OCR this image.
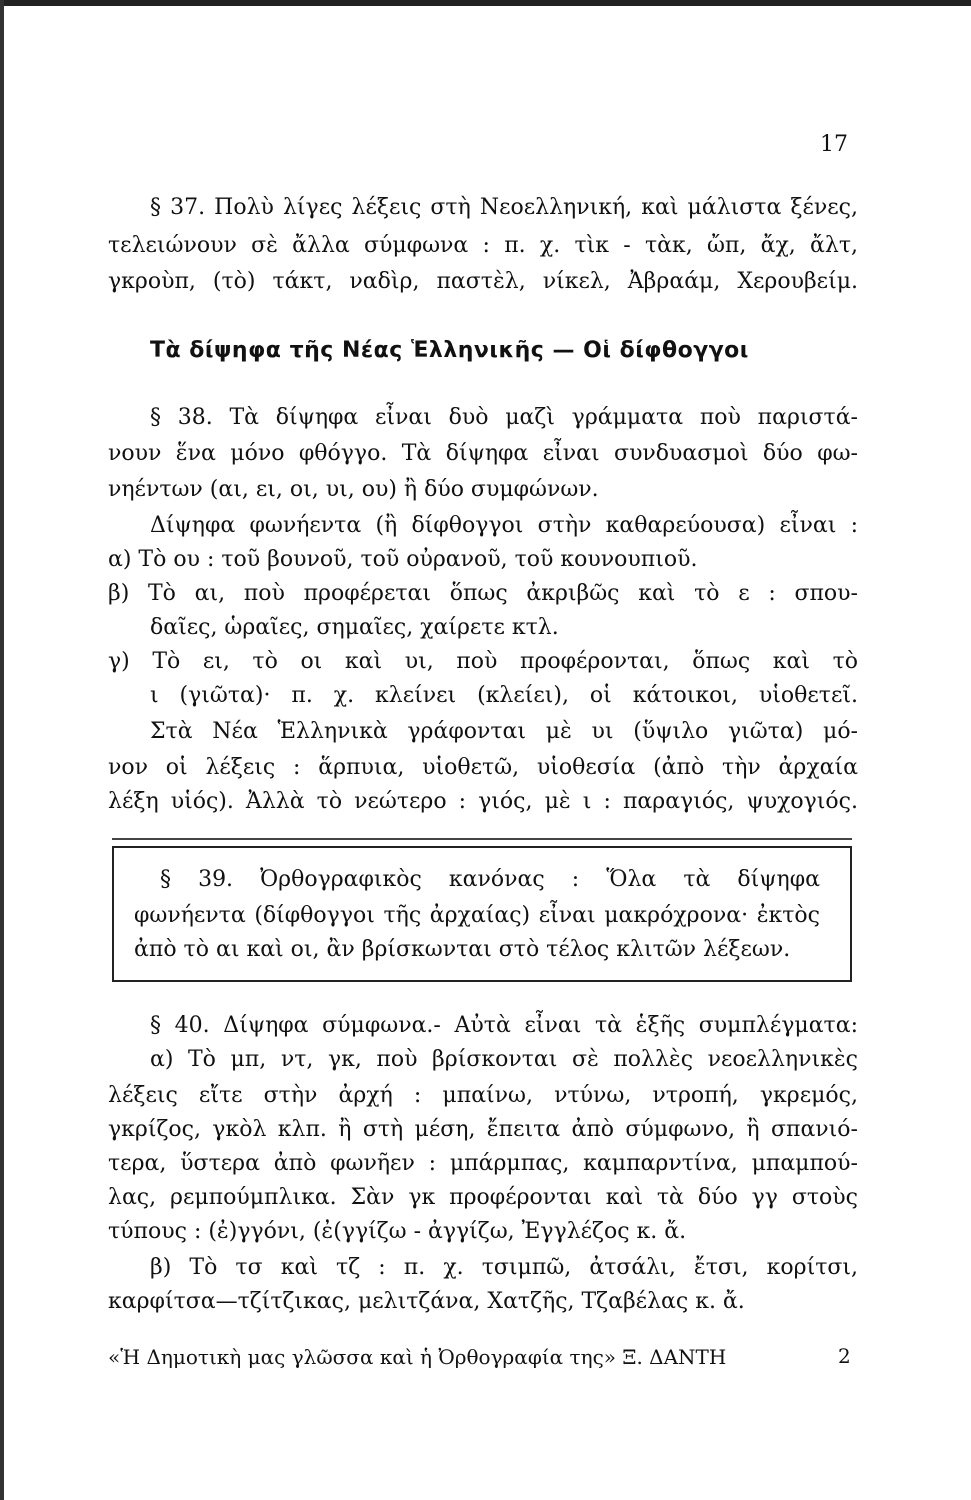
17
§ 37. Πολὺ λίγες λέξεις στὴ Νεοελληνική, καὶ μάλιστα ξένες,
τελειώνουν σὲ ἄλλα σύμφωνα : π. χ. τὶκ - τὰκ, ὤπ, ἄχ, ἄλτ,
γκροὺπ, (τὸ) τάκτ, ναδὶρ, παστὲλ, νίκελ, Ἀβραάμ, Χερουβείμ.
Τὰ δίψηφα τῆς Νέας Ἑλληνικῆς — Οἱ δίφθογγοι
§ 38. Τὰ δίψηφα εἶναι δυὸ μαζὶ γράμματα ποὺ παριστά-
νουν ἕνα μόνο φθόγγο. Τὰ δίψηφα εἶναι συνδυασμοὶ δύο φω-
νηέντων (αι, ει, οι, υι, ου) ἢ δύο συμφώνων.
Δίψηφα φωνήεντα (ἢ δίφθογγοι στὴν καθαρεύουσα) εἶναι :
α) Τὸ ου : τοῦ βουνοῦ, τοῦ οὐρανοῦ, τοῦ κουνουπιοῦ.
β) Τὸ αι, ποὺ προφέρεται ὅπως ἀκριβῶς καὶ τὸ ε : σπου-
δαῖες, ὡραῖες, σημαῖες, χαίρετε κτλ.
γ) Τὸ ει, τὸ οι καὶ υι, ποὺ προφέρονται, ὅπως καὶ τὸ
ι (γιῶτα)· π. χ. κλείνει (κλείει), οἱ κάτοικοι, υἱοθετεῖ.
Στὰ Νέα Ἑλληνικὰ γράφονται μὲ υι (ὕψιλο γιῶτα) μό-
νον οἱ λέξεις : ἅρπυια, υἱοθετῶ, υἱοθεσία (ἀπὸ τὴν ἀρχαία
λέξη υἱός). Ἀλλὰ τὸ νεώτερο : γιός, μὲ ι : παραγιός, ψυχογιός.
§ 39. Ὀρθογραφικὸς κανόνας : Ὅλα τὰ δίψηφα
φωνήεντα (δίφθογγοι τῆς ἀρχαίας) εἶναι μακρόχρονα· ἐκτὸς
ἀπὸ τὸ αι καὶ οι, ἂν βρίσκωνται στὸ τέλος κλιτῶν λέξεων.
§ 40. Δίψηφα σύμφωνα.- Αὐτὰ εἶναι τὰ ἑξῆς συμπλέγματα:
α) Τὸ μπ, ντ, γκ, ποὺ βρίσκονται σὲ πολλὲς νεοελληνικὲς
λέξεις εἴτε στὴν ἀρχή : μπαίνω, ντύνω, ντροπή, γκρεμός,
γκρίζος, γκὸλ κλπ. ἢ στὴ μέση, ἔπειτα ἀπὸ σύμφωνο, ἢ σπανιό-
τερα, ὕστερα ἀπὸ φωνῆεν : μπάρμπας, καμπαρντίνα, μπαμπού-
λας, ρεμπούμπλικα. Σὰν γκ προφέρονται καὶ τὰ δύο γγ στοὺς
τύπους : (ἐ)γγόνι, (ἐ(γγίζω - ἀγγίζω, Ἐγγλέζος κ. ἄ.
β) Τὸ τσ καὶ τζ : π. χ. τσιμπῶ, ἀτσάλι, ἔτσι, κορίτσι,
καρφίτσα—τζίτζικας, μελιτζάνα, Χατζῆς, Τζαβέλας κ. ἄ.
«Ἡ Δημοτικὴ μας γλῶσσα καὶ ἡ Ὀρθογραφία της» Ξ. ΔΑΝΤΗ	2
